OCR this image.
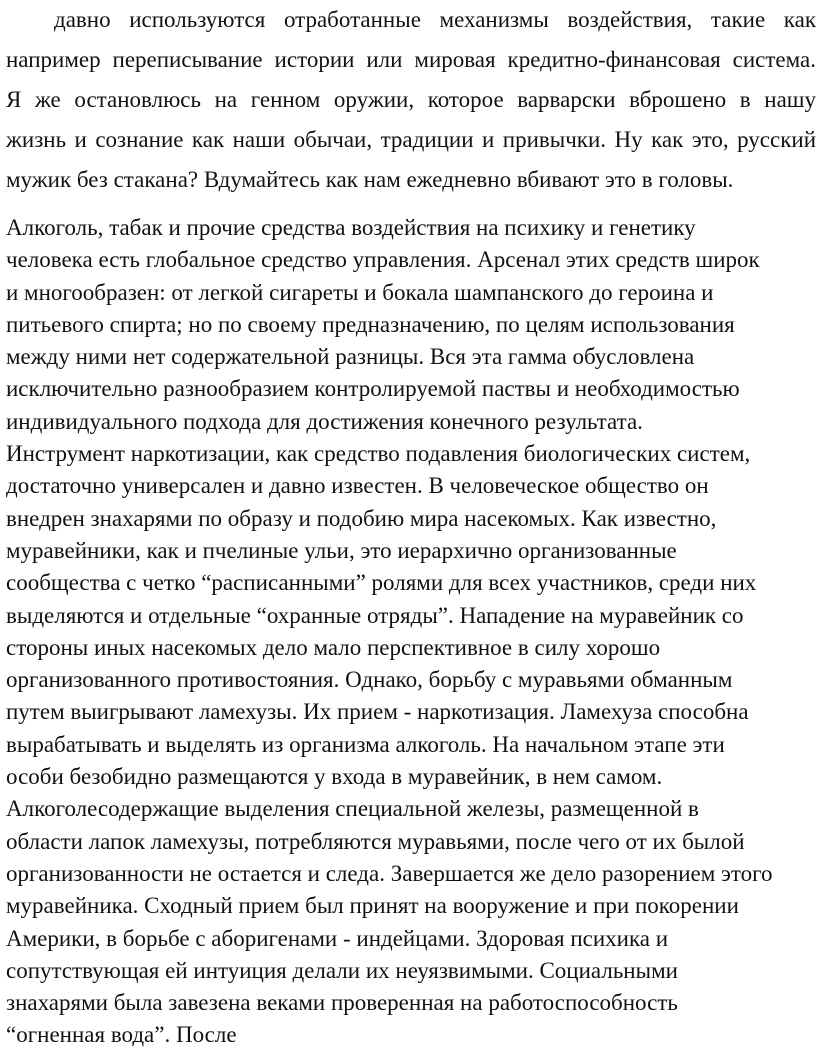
давно используются отработанные механизмы воздействия, такие как
например переписывание истории или мировая кредитно-финансовая система.
Я же остановлюсь на генном оружии, которое варварски вброшено в нашу
жизнь и сознание как наши обычаи, традиции и привычки. Ну как это, русский
мужик без стакана? Вдумайтесь как нам ежедневно вбивают это в головы.
Алкоголь, табак и прочие средства воздействия на психику и генетику
человека есть глобальное средство управления. Арсенал этих средств широк
и многообразен: от легкой сигареты и бокала шампанского до героина и
питьевого спирта; но по своему предназначению, по целям использования
между ними нет содержательной разницы. Вся эта гамма обусловлена
исключительно разнообразием контролируемой паствы и необходимостью
индивидуального подхода для достижения конечного результата.
Инструмент наркотизации, как средство подавления биологических систем,
достаточно универсален и давно известен. В человеческое общество он
внедрен знахарями по образу и подобию мира насекомых. Как известно,
муравейники, как и пчелиные ульи, это иерархично организованные
сообщества с четко “расписанными” ролями для всех участников, среди них
выделяются и отдельные “охранные отряды”. Нападение на муравейник со
стороны иных насекомых дело мало перспективное в силу хорошо
организованного противостояния. Однако, борьбу с муравьями обманным
путем выигрывают ламехузы. Их прием - наркотизация. Ламехуза способна
вырабатывать и выделять из организма алкоголь. На начальном этапе эти
особи безобидно размещаются у входа в муравейник, в нем самом.
Алкоголесодержащие выделения специальной железы, размещенной в
области лапок ламехузы, потребляются муравьями, после чего от их былой
организованности не остается и следа. Завершается же дело разорением этого
муравейника. Сходный прием был принят на вооружение и при покорении
Америки, в борьбе с аборигенами - индейцами. Здоровая психика и
сопутствующая ей интуиция делали их неуязвимыми. Социальными
знахарями была завезена веками проверенная на работоспособность
“огненная вода”. После
